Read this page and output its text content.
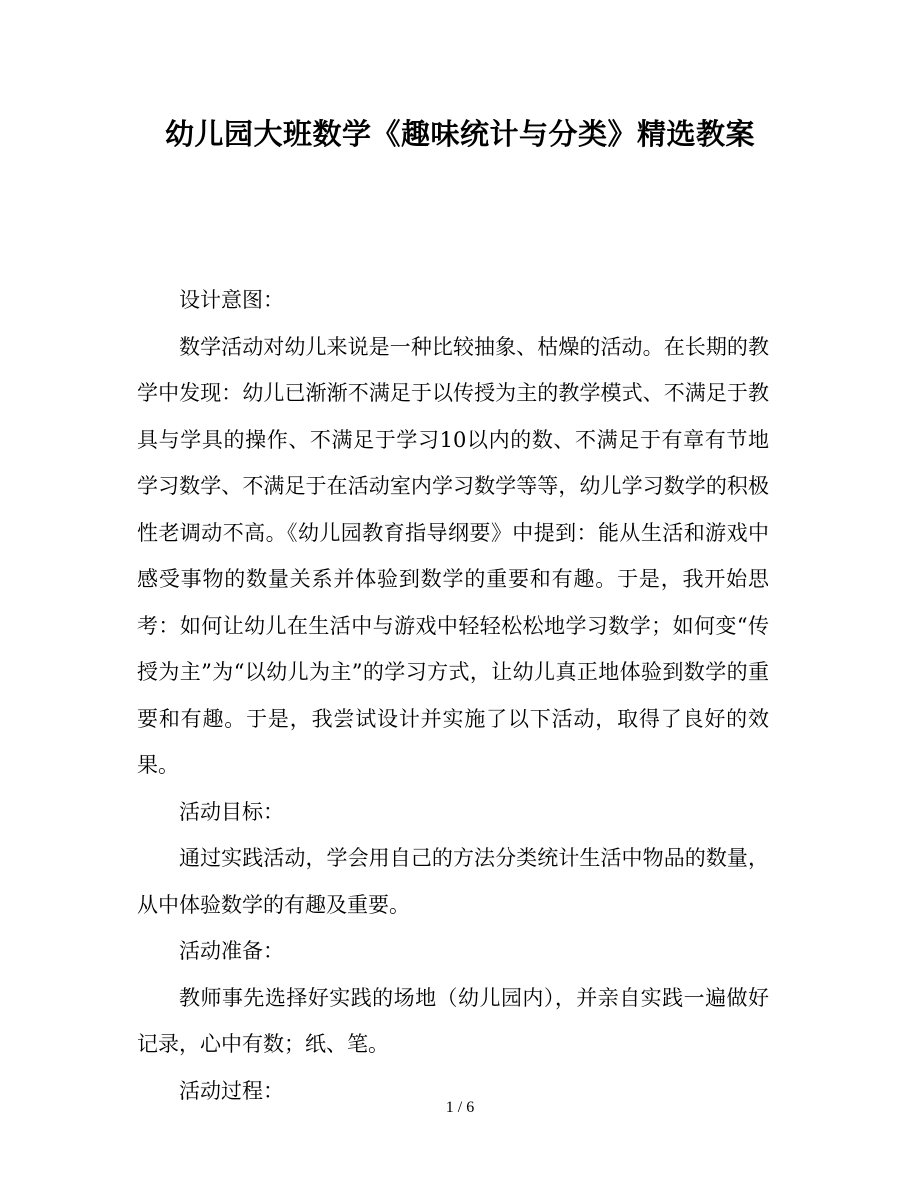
幼儿园大班数学《趣味统计与分类》精选教案

设计意图：

数学活动对幼儿来说是一种比较抽象、枯燥的活动。在长期的教学中发现：幼儿已渐渐不满足于以传授为主的教学模式、不满足于教具与学具的操作、不满足于学习10以内的数、不满足于有章有节地学习数学、不满足于在活动室内学习数学等等，幼儿学习数学的积极性老调动不高。《幼儿园教育指导纲要》中提到：能从生活和游戏中感受事物的数量关系并体验到数学的重要和有趣。于是，我开始思考：如何让幼儿在生活中与游戏中轻轻松松地学习数学；如何变“传授为主”为“以幼儿为主”的学习方式，让幼儿真正地体验到数学的重要和有趣。于是，我尝试设计并实施了以下活动，取得了良好的效果。

活动目标：

通过实践活动，学会用自己的方法分类统计生活中物品的数量，从中体验数学的有趣及重要。

活动准备：

教师事先选择好实践的场地（幼儿园内），并亲自实践一遍做好记录，心中有数；纸、笔。

活动过程：

1 / 6
